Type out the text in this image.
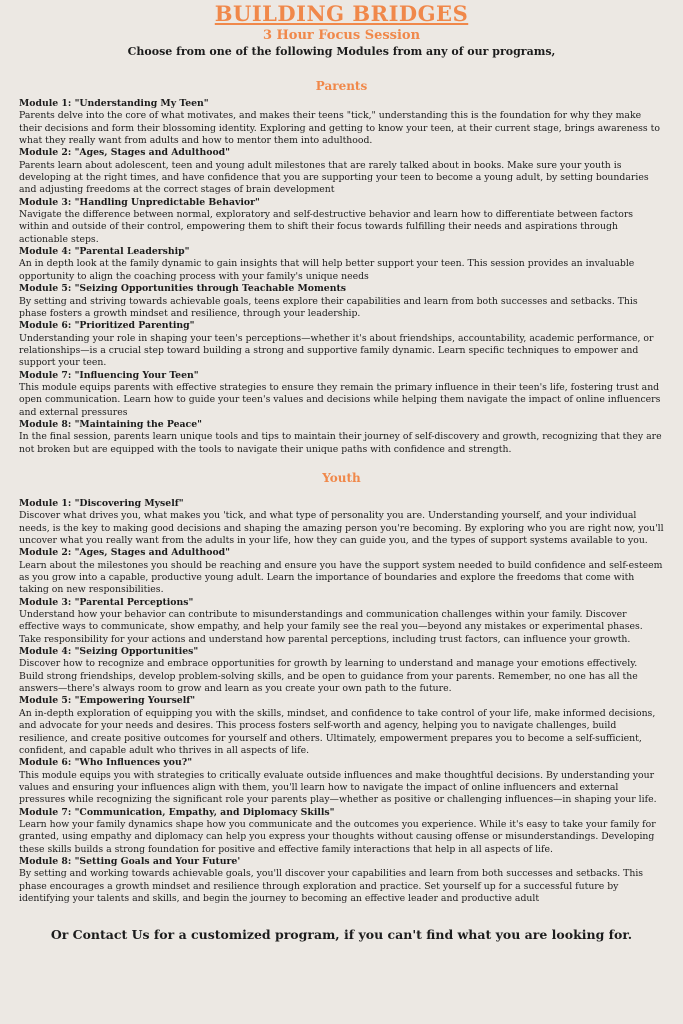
BUILDING BRIDGES
3 Hour Focus Session
Choose from one of the following Modules from any of our programs,
Parents
Module 1: "Understanding My Teen"
Parents delve into the core of what motivates, and makes their teens "tick," understanding this is the foundation for why they make their decisions and form their blossoming identity. Exploring and getting to know your teen, at their current stage, brings awareness to what they really want from adults and how to mentor them into adulthood.
Module 2: "Ages, Stages and Adulthood"
Parents learn about adolescent, teen and young adult milestones that are rarely talked about in books. Make sure your youth is developing at the right times, and have confidence that you are supporting your teen to become a young adult, by setting boundaries and adjusting freedoms at the correct stages of brain development
Module 3: "Handling Unpredictable Behavior"
Navigate the difference between normal, exploratory and self-destructive behavior and learn how to differentiate between factors within and outside of their control, empowering them to shift their focus towards fulfilling their needs and aspirations through actionable steps.
Module 4: "Parental Leadership"
An in depth look at the family dynamic to gain insights that will help better support your teen. This session provides an invaluable opportunity to align the coaching process with your family's unique needs
Module 5: "Seizing Opportunities through Teachable Moments
By setting and striving towards achievable goals, teens explore their capabilities and learn from both successes and setbacks. This phase fosters a growth mindset and resilience, through your leadership.
Module 6: "Prioritized Parenting"
Understanding your role in shaping your teen's perceptions—whether it's about friendships, accountability, academic performance, or relationships—is a crucial step toward building a strong and supportive family dynamic. Learn specific techniques to empower and support your teen.
Module 7: "Influencing Your Teen"
This module equips parents with effective strategies to ensure they remain the primary influence in their teen's life, fostering trust and open communication. Learn how to guide your teen's values and decisions while helping them navigate the impact of online influencers and external pressures
Module 8: "Maintaining the Peace"
In the final session, parents learn unique tools and tips to maintain their journey of self-discovery and growth, recognizing that they are not broken but are equipped with the tools to navigate their unique paths with confidence and strength.
Youth
Module 1: "Discovering Myself"
Discover what drives you, what makes you 'tick, and what type of personality you are. Understanding yourself, and your individual needs, is the key to making good decisions and shaping the amazing person you're becoming. By exploring who you are right now, you'll uncover what you really want from the adults in your life, how they can guide you, and the types of support systems available to you.
Module 2: "Ages, Stages and Adulthood"
Learn about the milestones you should be reaching and ensure you have the support system needed to build confidence and self-esteem as you grow into a capable, productive young adult. Learn the importance of boundaries and explore the freedoms that come with taking on new responsibilities.
Module 3: "Parental Perceptions"
Understand how your behavior can contribute to misunderstandings and communication challenges within your family. Discover effective ways to communicate, show empathy, and help your family see the real you—beyond any mistakes or experimental phases. Take responsibility for your actions and understand how parental perceptions, including trust factors, can influence your growth.
Module 4: "Seizing Opportunities"
Discover how to recognize and embrace opportunities for growth by learning to understand and manage your emotions effectively. Build strong friendships, develop problem-solving skills, and be open to guidance from your parents. Remember, no one has all the answers—there's always room to grow and learn as you create your own path to the future.
Module 5: "Empowering Yourself"
An in-depth exploration of equipping you with the skills, mindset, and confidence to take control of your life, make informed decisions, and advocate for your needs and desires. This process fosters self-worth and agency, helping you to navigate challenges, build resilience, and create positive outcomes for yourself and others. Ultimately, empowerment prepares you to become a self-sufficient, confident, and capable adult who thrives in all aspects of life.
Module 6: "Who Influences you?"
This module equips you with strategies to critically evaluate outside influences and make thoughtful decisions. By understanding your values and ensuring your influences align with them, you'll learn how to navigate the impact of online influencers and external pressures while recognizing the significant role your parents play—whether as positive or challenging influences—in shaping your life.
Module 7: "Communication, Empathy, and Diplomacy Skills"
Learn how your family dynamics shape how you communicate and the outcomes you experience. While it's easy to take your family for granted, using empathy and diplomacy can help you express your thoughts without causing offense or misunderstandings. Developing these skills builds a strong foundation for positive and effective family interactions that help in all aspects of life.
Module 8: "Setting Goals and Your Future'
By setting and working towards achievable goals, you'll discover your capabilities and learn from both successes and setbacks. This phase encourages a growth mindset and resilience through exploration and practice. Set yourself up for a successful future by identifying your talents and skills, and begin the journey to becoming an effective leader and productive adult
Or Contact Us for a customized program, if you can't find what you are looking for.
